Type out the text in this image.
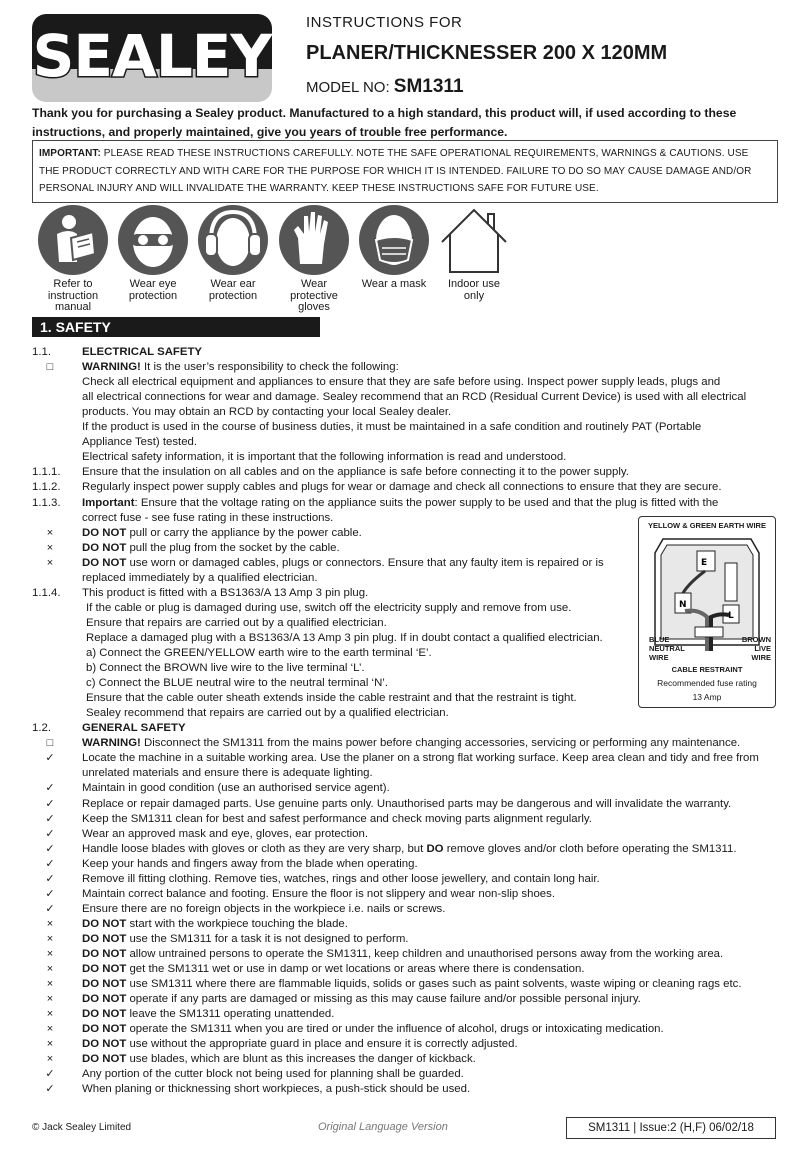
SEALEY INSTRUCTIONS FOR
PLANER/THICKNESSER 200 X 120MM
MODEL NO: SM1311
Thank you for purchasing a Sealey product. Manufactured to a high standard, this product will, if used according to these instructions, and properly maintained, give you years of trouble free performance.
IMPORTANT: PLEASE READ THESE INSTRUCTIONS CAREFULLY. NOTE THE SAFE OPERATIONAL REQUIREMENTS, WARNINGS & CAUTIONS. USE THE PRODUCT CORRECTLY AND WITH CARE FOR THE PURPOSE FOR WHICH IT IS INTENDED. FAILURE TO DO SO MAY CAUSE DAMAGE AND/OR PERSONAL INJURY AND WILL INVALIDATE THE WARRANTY. KEEP THESE INSTRUCTIONS SAFE FOR FUTURE USE.
Refer to
instruction
manual
Wear eye
protection
Wear ear
protection
Wear
protective
gloves
Wear a mask	Indoor use
only
1. SAFETY
1.1.	ELECTRICAL SAFETY
□	WARNING! It is the user’s responsibility to check the following:
Check all electrical equipment and appliances to ensure that they are safe before using. Inspect power supply leads, plugs and
all electrical connections for wear and damage. Sealey recommend that an RCD (Residual Current Device) is used with all electrical
products. You may obtain an RCD by contacting your local Sealey dealer.
If the product is used in the course of business duties, it must be maintained in a safe condition and routinely PAT (Portable
Appliance Test) tested.
Electrical safety information, it is important that the following information is read and understood.
1.1.1. Ensure that the insulation on all cables and on the appliance is safe before connecting it to the power supply.
1.1.2. Regularly inspect power supply cables and plugs for wear or damage and check all connections to ensure that they are secure.
1.1.3. Important: Ensure that the voltage rating on the appliance suits the power supply to be used and that the plug is fitted with the
correct fuse - see fuse rating in these instructions.
×	DO NOT pull or carry the appliance by the power cable.
×	DO NOT pull the plug from the socket by the cable.
×	DO NOT use worn or damaged cables, plugs or connectors. Ensure that any faulty item is repaired or is
replaced immediately by a qualified electrician.
1.1.4. This product is fitted with a BS1363/A 13 Amp 3 pin plug.
If the cable or plug is damaged during use, switch off the electricity supply and remove from use.
Ensure that repairs are carried out by a qualified electrician.
Replace a damaged plug with a BS1363/A 13 Amp 3 pin plug. If in doubt contact a qualified electrician.
a) Connect the GREEN/YELLOW earth wire to the earth terminal ‘E’.
b) Connect the BROWN live wire to the live terminal ‘L’.
c) Connect the BLUE neutral wire to the neutral terminal ‘N’.
Ensure that the cable outer sheath extends inside the cable restraint and that the restraint is tight.
Sealey recommend that repairs are carried out by a qualified electrician.
1.2.	GENERAL SAFETY
□	WARNING! Disconnect the SM1311 from the mains power before changing accessories, servicing or performing any maintenance.
✓ Locate the machine in a suitable working area. Use the planer on a strong flat working surface. Keep area clean and tidy and free from
unrelated materials and ensure there is adequate lighting.
✓ Maintain in good condition (use an authorised service agent).
✓ Replace or repair damaged parts. Use genuine parts only. Unauthorised parts may be dangerous and will invalidate the warranty.
✓ Keep the SM1311 clean for best and safest performance and check moving parts alignment regularly.
✓ Wear an approved mask and eye, gloves, ear protection.
✓ Handle loose blades with gloves or cloth as they are very sharp, but DO remove gloves and/or cloth before operating the SM1311.
✓ Keep your hands and fingers away from the blade when operating.
✓ Remove ill fitting clothing. Remove ties, watches, rings and other loose jewellery, and contain long hair.
✓ Maintain correct balance and footing. Ensure the floor is not slippery and wear non-slip shoes.
✓ Ensure there are no foreign objects in the workpiece i.e. nails or screws.
×	DO NOT start with the workpiece touching the blade.
×	DO NOT use the SM1311 for a task it is not designed to perform.
×	DO NOT allow untrained persons to operate the SM1311, keep children and unauthorised persons away from the working area.
×	DO NOT get the SM1311 wet or use in damp or wet locations or areas where there is condensation.
×	DO NOT use SM1311 where there are flammable liquids, solids or gases such as paint solvents, waste wiping or cleaning rags etc.
×	DO NOT operate if any parts are damaged or missing as this may cause failure and/or possible personal injury.
×	DO NOT leave the SM1311 operating unattended.
×	DO NOT operate the SM1311 when you are tired or under the influence of alcohol, drugs or intoxicating medication.
×	DO NOT use without the appropriate guard in place and ensure it is correctly adjusted.
×	DO NOT use blades, which are blunt as this increases the danger of kickback.
✓ Any portion of the cutter block not being used for planning shall be guarded.
✓ When planing or thicknessing short workpieces, a push-stick should be used.
YELLOW & GREEN EARTH WIRE
E
N
L
BLUE
NEUTRAL
WIRE
BROWN
LIVE
WIRE
CABLE RESTRAINT
Recommended fuse rating
13 Amp
© Jack Sealey Limited	Original Language Version	SM1311 | Issue:2 (H,F) 06/02/18
